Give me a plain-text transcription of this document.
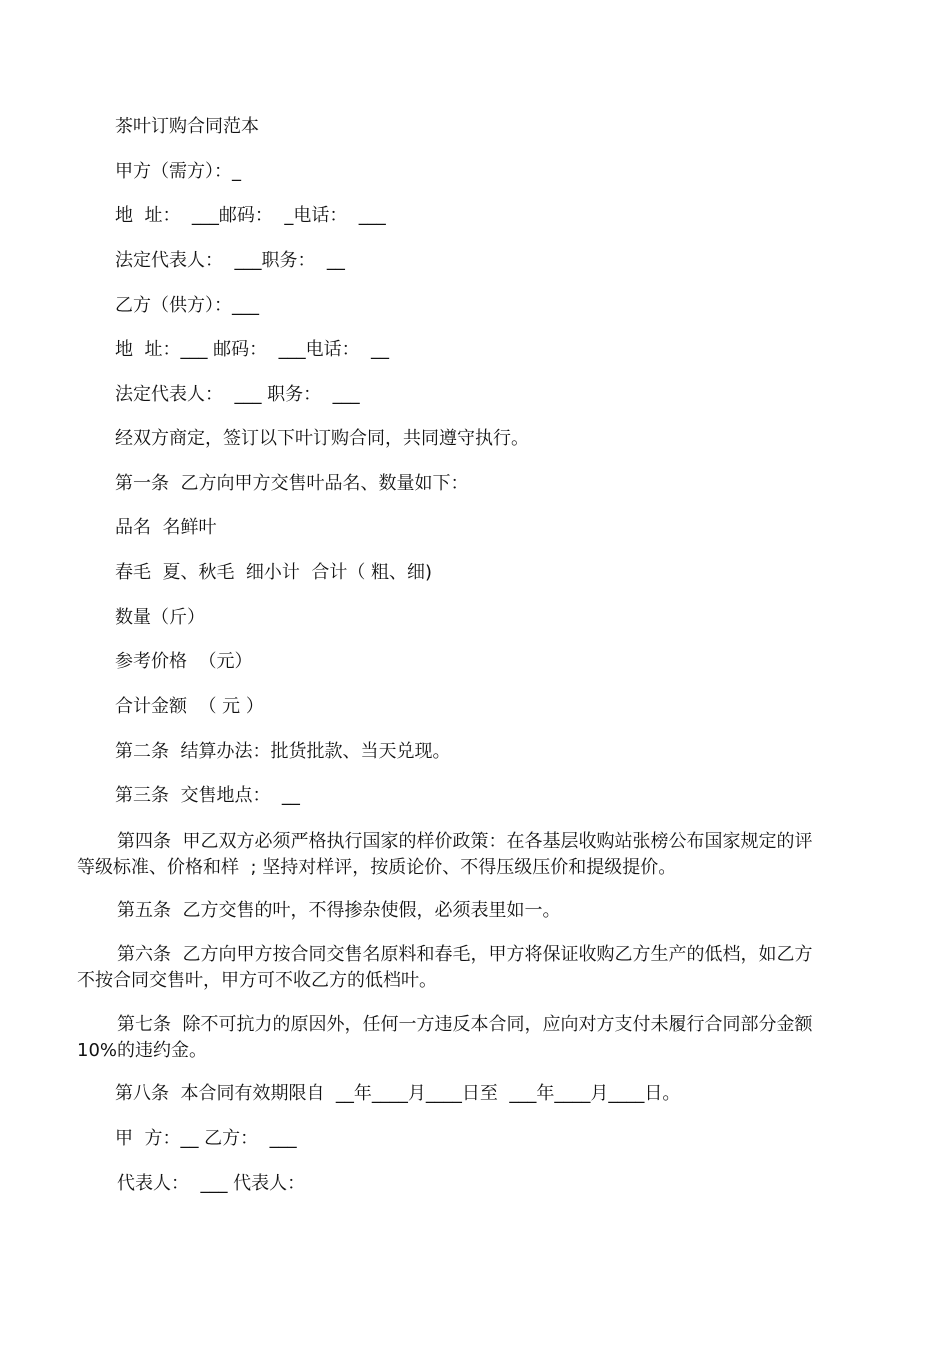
茶叶订购合同范本

甲方（需方）：_

地  址：  ___邮码：  _电话：  ___

法定代表人：  ___职务：  __

乙方（供方）：___

地  址：___ 邮码：  ___电话：  __

法定代表人：  ___ 职务：  ___

经双方商定，签订以下叶订购合同，共同遵守执行。

第一条  乙方向甲方交售叶品名、数量如下：

品名  名鲜叶

春毛  夏、秋毛  细小计  合计（ 粗、细)

数量（斤）

参考价格  （元）

合计金额  （ 元 ）

第二条  结算办法：批货批款、当天兑现。

第三条  交售地点：  __

第四条  甲乙双方必须严格执行国家的样价政策：在各基层收购站张榜公布国家规定的评  等级标准、价格和样  ; 坚持对样评，按质论价、不得压级压价和提级提价。

第五条  乙方交售的叶，不得掺杂使假，必须表里如一。

第六条  乙方向甲方按合同交售名原料和春毛，甲方将保证收购乙方生产的低档，如乙方  不按合同交售叶，甲方可不收乙方的低档叶。

第七条  除不可抗力的原因外，任何一方违反本合同，应向对方支付未履行合同部分金额  10%的违约金。

第八条  本合同有效期限自  __年____月____日至  ___年____月____日。

甲  方：__ 乙方：  ___

代表人：  ___ 代表人：
